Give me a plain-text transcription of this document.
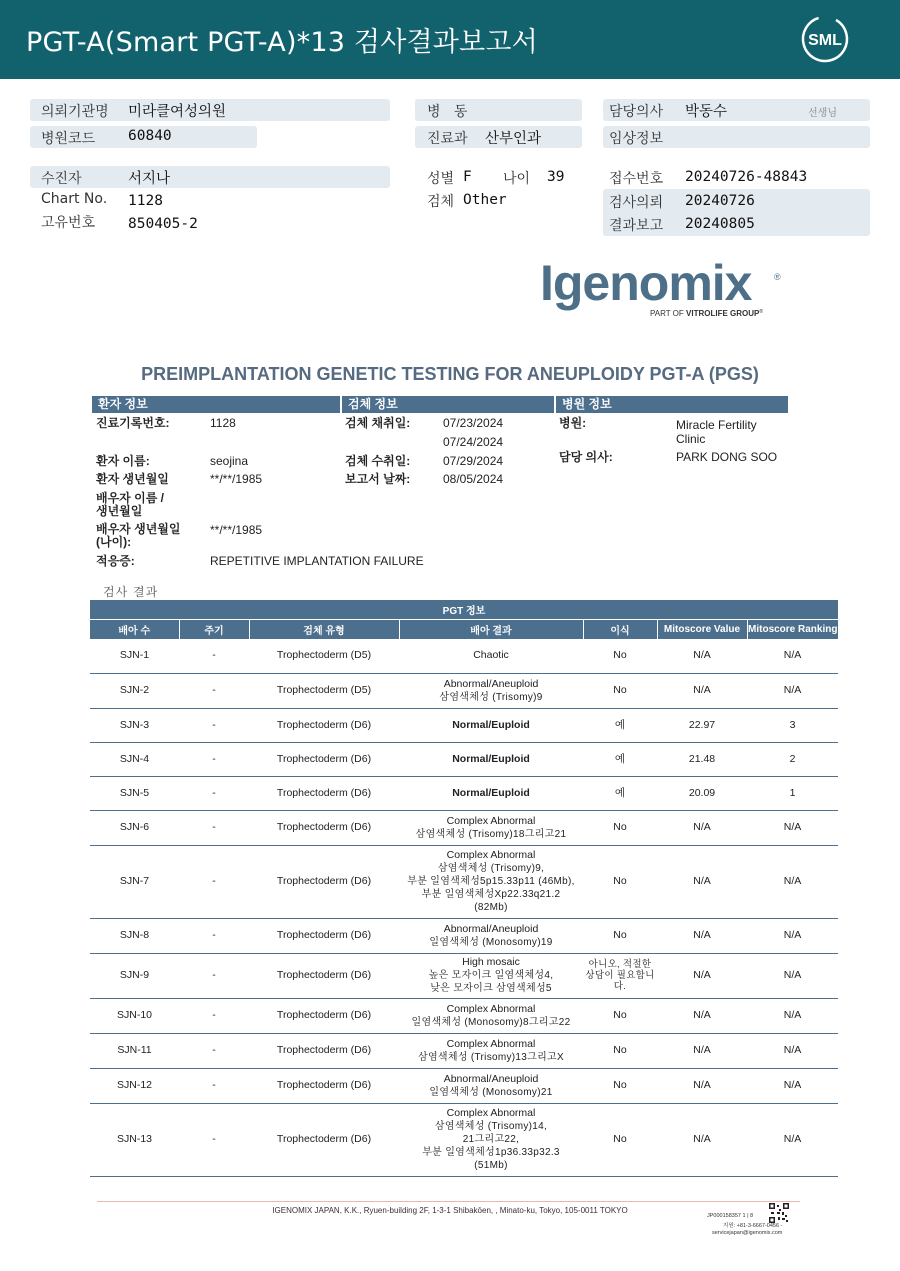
PGT-A(Smart PGT-A)*13 검사결과보고서	SML
의뢰기관명 미라클여성의원
병원코드 60840
병   동
진료과 산부인과
담당의사 박동수	선생님
임상정보
수진자	서지나
Chart No. 1128
고유번호 850405-2
성별 F 나이 39
검체 Other
접수번호 20240726-48843
검사의뢰 20240726
결과보고 20240805
Igenomix	®
PART OF VITROLIFE GROUP®
PREIMPLANTATION GENETIC TESTING FOR ANEUPLOIDY PGT-A (PGS)
환자 정보	검체 정보	병원 정보
진료기록번호:	1128
환자 이름:	seojina
환자 생년월일	**/**/1985
배우자 이름 /
생년월일
배우자 생년월일
(나이):
**/**/1985
적응증:	REPETITIVE IMPLANTATION FAILURE
검체 채취일:	07/23/2024
07/24/2024
검체 수취일:	07/29/2024
보고서 날짜:	08/05/2024
병원:	Miracle Fertility
Clinic
담당 의사:	PARK DONG SOO
검사 결과
PGT 정보						
배아 수	주기	검체 유형	배아 결과	이식	Mitoscore Value	Mitoscore Ranking
SJN-1	-	Trophectoderm (D5)	Chaotic	No	N/A	N/A
SJN-2	-	Trophectoderm (D5)	Abnormal/Aneuploid
삼염색체성 (Trisomy)9	No	N/A	N/A
SJN-3	-	Trophectoderm (D6)	Normal/Euploid	예	22.97	3
SJN-4	-	Trophectoderm (D6)	Normal/Euploid	예	21.48	2
SJN-5	-	Trophectoderm (D6)	Normal/Euploid	예	20.09	1
SJN-6	-	Trophectoderm (D6)	Complex Abnormal
삼염색체성 (Trisomy)18그리고21	No	N/A	N/A
SJN-7	-	Trophectoderm (D6)	Complex Abnormal
삼염색체성 (Trisomy)9,
부분 일염색체성5p15.33p11 (46Mb),
부분 일염색체성Xp22.33q21.2
(82Mb)	No	N/A	N/A
SJN-8	-	Trophectoderm (D6)	Abnormal/Aneuploid
일염색체성 (Monosomy)19	No	N/A	N/A
SJN-9	-	Trophectoderm (D6)	High mosaic
높은 모자이크 일염색체성4,
낮은 모자이크 삼염색체성5	아니오, 적절한 상담이 필요합니다.	N/A	N/A
SJN-10	-	Trophectoderm (D6)	Complex Abnormal
일염색체성 (Monosomy)8그리고22	No	N/A	N/A
SJN-11	-	Trophectoderm (D6)	Complex Abnormal
삼염색체성 (Trisomy)13그리고X	No	N/A	N/A
SJN-12	-	Trophectoderm (D6)	Abnormal/Aneuploid
일염색체성 (Monosomy)21	No	N/A	N/A
SJN-13	-	Trophectoderm (D6)	Complex Abnormal
삼염색체성 (Trisomy)14,
21그리고22,
부분 일염색체성1p36.33p32.3
(51Mb)	No	N/A	N/A
IGENOMIX JAPAN, K.K., Ryuen-building 2F, 1-3-1 Shibakōen, , Minato-ku, Tokyo, 105-0011 TOKYO
JP000158357 1 | 8
지원: +81-3-6667-0456 -
servicejapan@igenomix.com
